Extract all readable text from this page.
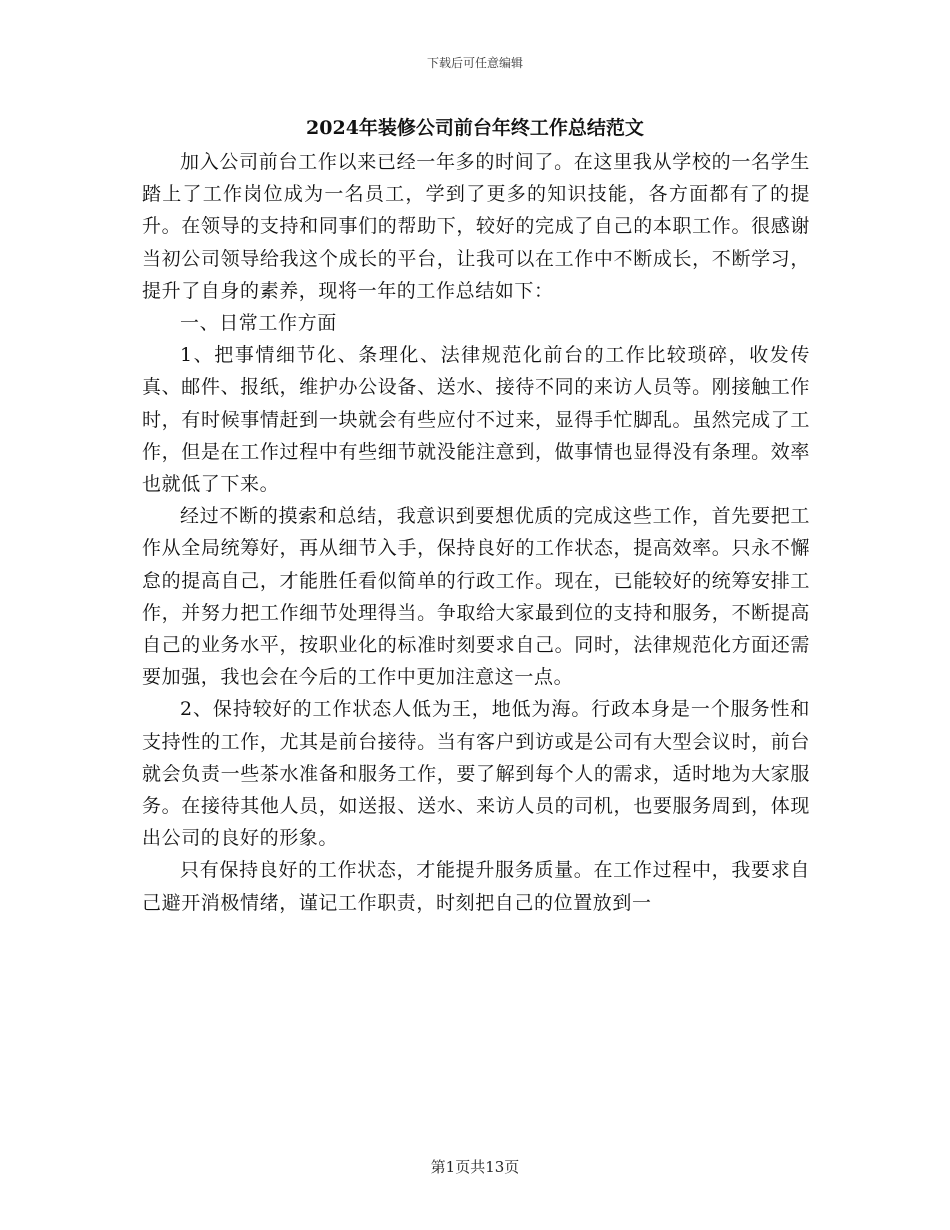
下载后可任意编辑
2024年装修公司前台年终工作总结范文

加入公司前台工作以来已经一年多的时间了。在这里我从学校的一名学生踏上了工作岗位成为一名员工，学到了更多的知识技能，各方面都有了的提升。在领导的支持和同事们的帮助下，较好的完成了自己的本职工作。很感谢当初公司领导给我这个成长的平台，让我可以在工作中不断成长，不断学习，提升了自身的素养，现将一年的工作总结如下：

一、日常工作方面

1、把事情细节化、条理化、法律规范化前台的工作比较琐碎，收发传真、邮件、报纸，维护办公设备、送水、接待不同的来访人员等。刚接触工作时，有时候事情赶到一块就会有些应付不过来，显得手忙脚乱。虽然完成了工作，但是在工作过程中有些细节就没能注意到，做事情也显得没有条理。效率也就低了下来。

经过不断的摸索和总结，我意识到要想优质的完成这些工作，首先要把工作从全局统筹好，再从细节入手，保持良好的工作状态，提高效率。只永不懈怠的提高自己，才能胜任看似简单的行政工作。现在，已能较好的统筹安排工作，并努力把工作细节处理得当。争取给大家最到位的支持和服务，不断提高自己的业务水平，按职业化的标准时刻要求自己。同时，法律规范化方面还需要加强，我也会在今后的工作中更加注意这一点。

2、保持较好的工作状态人低为王，地低为海。行政本身是一个服务性和支持性的工作，尤其是前台接待。当有客户到访或是公司有大型会议时，前台就会负责一些茶水准备和服务工作，要了解到每个人的需求，适时地为大家服务。在接待其他人员，如送报、送水、来访人员的司机，也要服务周到，体现出公司的良好的形象。

只有保持良好的工作状态，才能提升服务质量。在工作过程中，我要求自己避开消极情绪，谨记工作职责，时刻把自己的位置放到一

第1页共13页
